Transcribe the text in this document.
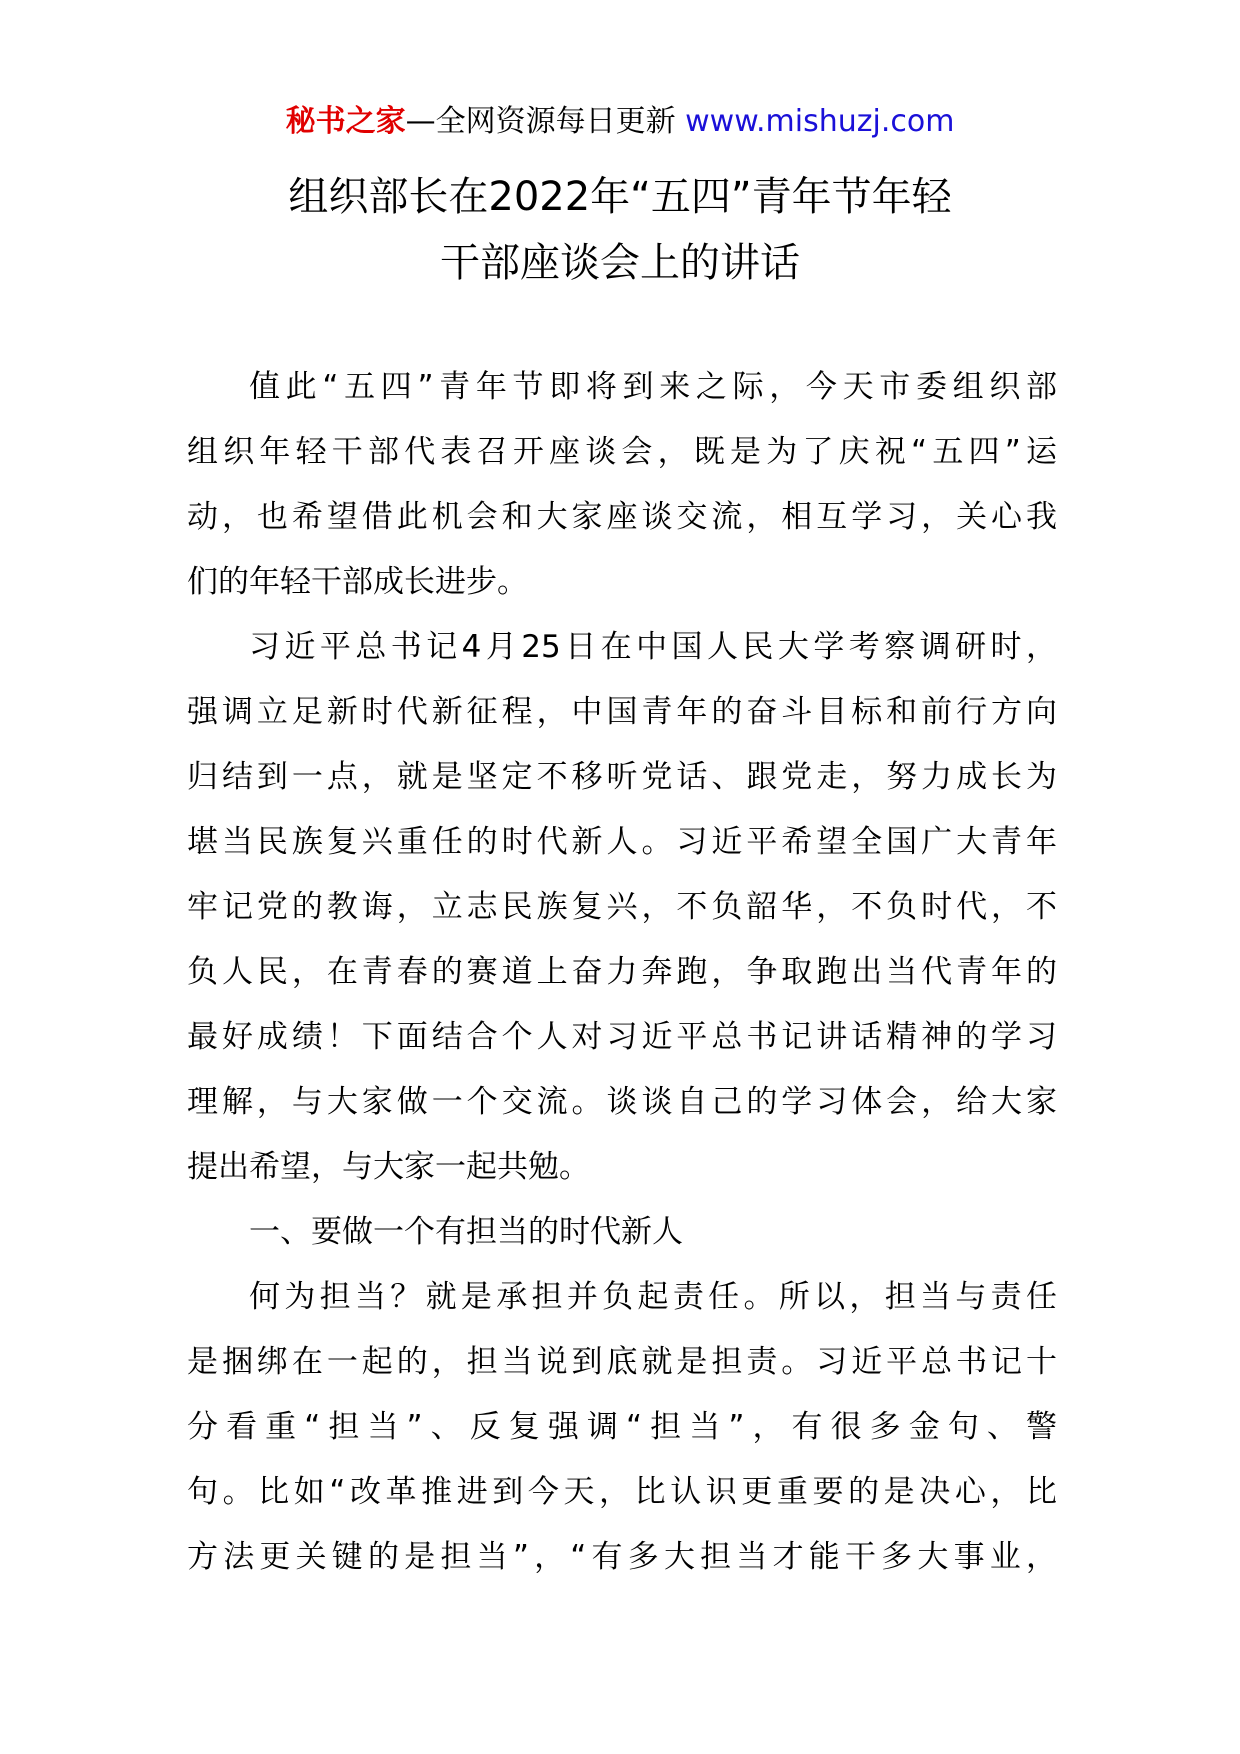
秘书之家—全网资源每日更新 www.mishuzj.com
组织部长在2022年“五四”青年节年轻
干部座谈会上的讲话
值此“五四”青年节即将到来之际，今天市委组织部
组织年轻干部代表召开座谈会，既是为了庆祝“五四”运
动，也希望借此机会和大家座谈交流，相互学习，关心我
们的年轻干部成长进步。
习近平总书记4月25日在中国人民大学考察调研时，
强调立足新时代新征程，中国青年的奋斗目标和前行方向
归结到一点，就是坚定不移听党话、跟党走，努力成长为
堪当民族复兴重任的时代新人。习近平希望全国广大青年
牢记党的教诲，立志民族复兴，不负韶华，不负时代，不
负人民，在青春的赛道上奋力奔跑，争取跑出当代青年的
最好成绩！下面结合个人对习近平总书记讲话精神的学习
理解，与大家做一个交流。谈谈自己的学习体会，给大家
提出希望，与大家一起共勉。
一、要做一个有担当的时代新人
何为担当？就是承担并负起责任。所以，担当与责任
是捆绑在一起的，担当说到底就是担责。习近平总书记十
分看重“担当”、反复强调“担当”，有很多金句、警
句。比如“改革推进到今天，比认识更重要的是决心，比
方法更关键的是担当”，“有多大担当才能干多大事业，
